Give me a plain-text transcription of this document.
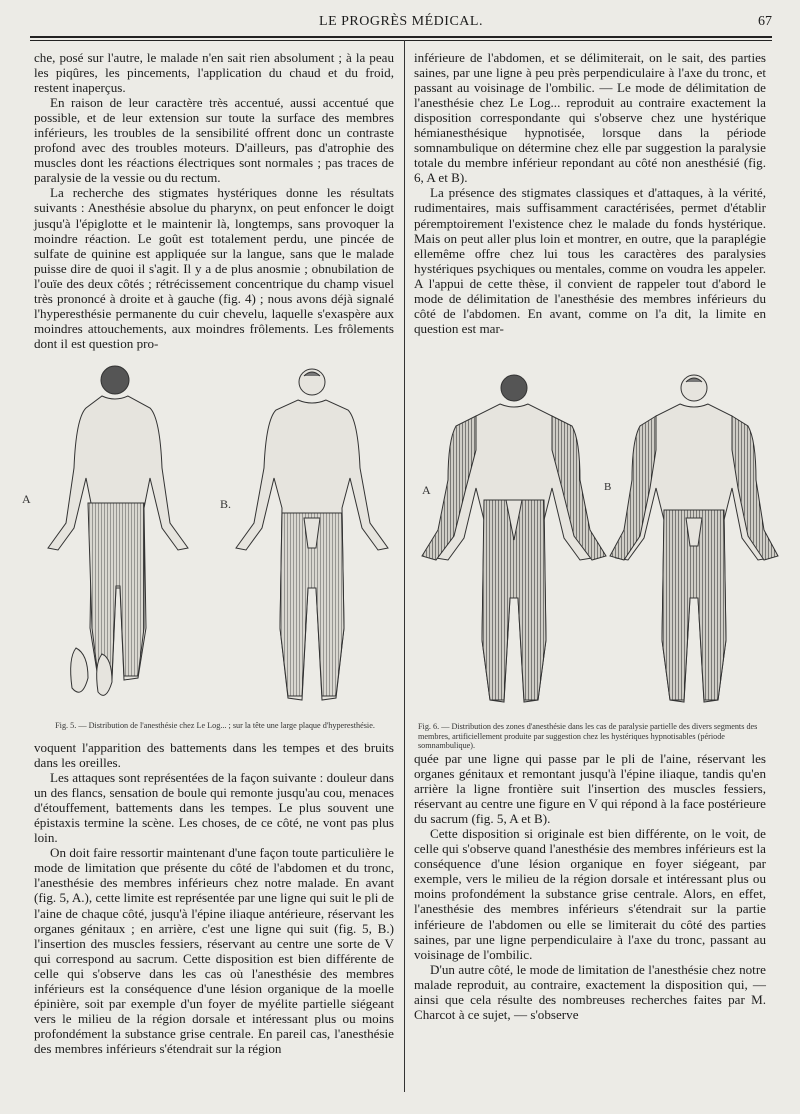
LE PROGRÈS MÉDICAL.	67

che, posé sur l'autre, le malade n'en sait rien absolument ; à la peau les piqûres, les pincements, l'application du chaud et du froid, restent inaperçus.

En raison de leur caractère très accentué, aussi accentué que possible, et de leur extension sur toute la surface des membres inférieurs, les troubles de la sensibilité offrent donc un contraste profond avec des troubles moteurs. D'ailleurs, pas d'atrophie des muscles dont les réactions électriques sont normales ; pas traces de paralysie de la vessie ou du rectum.

La recherche des stigmates hystériques donne les résultats suivants : Anesthésie absolue du pharynx, on peut enfoncer le doigt jusqu'à l'épiglotte et le maintenir là, longtemps, sans provoquer la moindre réaction. Le goût est totalement perdu, une pincée de sulfate de quinine est appliquée sur la langue, sans que le malade puisse dire de quoi il s'agit. Il y a de plus anosmie ; obnubilation de l'ouïe des deux côtés ; rétrécissement concentrique du champ visuel très prononcé à droite et à gauche (fig. 4) ; nous avons déjà signalé l'hyperesthésie permanente du cuir chevelu, laquelle s'exaspère aux moindres attouchements, aux moindres frôlements. Les frôlements dont il est question pro-

inférieure de l'abdomen, et se délimiterait, on le sait, des parties saines, par une ligne à peu près perpendiculaire à l'axe du tronc, et passant au voisinage de l'ombilic. — Le mode de délimitation de l'anesthésie chez Le Log... reproduit au contraire exactement la disposition correspondante qui s'observe chez une hystérique hémianesthésique hypnotisée, lorsque dans la période somnambulique on détermine chez elle par suggestion la paralysie totale du membre inférieur repondant au côté non anesthésié (fig. 6, A et B).

La présence des stigmates classiques et d'attaques, à la vérité, rudimentaires, mais suffisamment caractérisées, permet d'établir péremptoirement l'existence chez le malade du fonds hystérique. Mais on peut aller plus loin et montrer, en outre, que la paraplégie ellemême offre chez lui tous les caractères des paralysies hystériques psychiques ou mentales, comme on voudra les appeler. A l'appui de cette thèse, il convient de rappeler tout d'abord le mode de délimitation de l'anesthésie des membres inférieurs du côté de l'abdomen. En avant, comme on l'a dit, la limite en question est mar-

A	B.
Fig. 5. — Distribution de l'anesthésie chez Le Log... ; sur la tête une large plaque d'hyperesthésie.
A	B
Fig. 6. — Distribution des zones d'anesthésie dans les cas de paralysie partielle des divers segments des membres, artificiellement produite par suggestion chez les hystériques hypnotisables (période somnambulique).

voquent l'apparition des battements dans les tempes et des bruits dans les oreilles.

Les attaques sont représentées de la façon suivante : douleur dans un des flancs, sensation de boule qui remonte jusqu'au cou, menaces d'étouffement, battements dans les tempes. Le plus souvent une épistaxis termine la scène. Les choses, de ce côté, ne vont pas plus loin.

On doit faire ressortir maintenant d'une façon toute particulière le mode de limitation que présente du côté de l'abdomen et du tronc, l'anesthésie des membres inférieurs chez notre malade. En avant (fig. 5, A.), cette limite est représentée par une ligne qui suit le pli de l'aine de chaque côté, jusqu'à l'épine iliaque antérieure, réservant les organes génitaux ; en arrière, c'est une ligne qui suit (fig. 5, B.) l'insertion des muscles fessiers, réservant au centre une sorte de V qui correspond au sacrum. Cette disposition est bien différente de celle qui s'observe dans les cas où l'anesthésie des membres inférieurs est la conséquence d'une lésion organique de la moelle épinière, soit par exemple d'un foyer de myélite partielle siégeant vers le milieu de la région dorsale et intéressant plus ou moins profondément la substance grise centrale. En pareil cas, l'anesthésie des membres inférieurs s'étendrait sur la région

quée par une ligne qui passe par le pli de l'aine, réservant les organes génitaux et remontant jusqu'à l'épine iliaque, tandis qu'en arrière la ligne frontière suit l'insertion des muscles fessiers, réservant au centre une figure en V qui répond à la face postérieure du sacrum (fig. 5, A et B).

Cette disposition si originale est bien différente, on le voit, de celle qui s'observe quand l'anesthésie des membres inférieurs est la conséquence d'une lésion organique en foyer siégeant, par exemple, vers le milieu de la région dorsale et intéressant plus ou moins profondément la substance grise centrale. Alors, en effet, l'anesthésie des membres inférieurs s'étendrait sur la partie inférieure de l'abdomen ou elle se limiterait du côté des parties saines, par une ligne perpendiculaire à l'axe du tronc, passant au voisinage de l'ombilic.

D'un autre côté, le mode de limitation de l'anesthésie chez notre malade reproduit, au contraire, exactement la disposition qui, — ainsi que cela résulte des nombreuses recherches faites par M. Charcot à ce sujet, — s'observe
